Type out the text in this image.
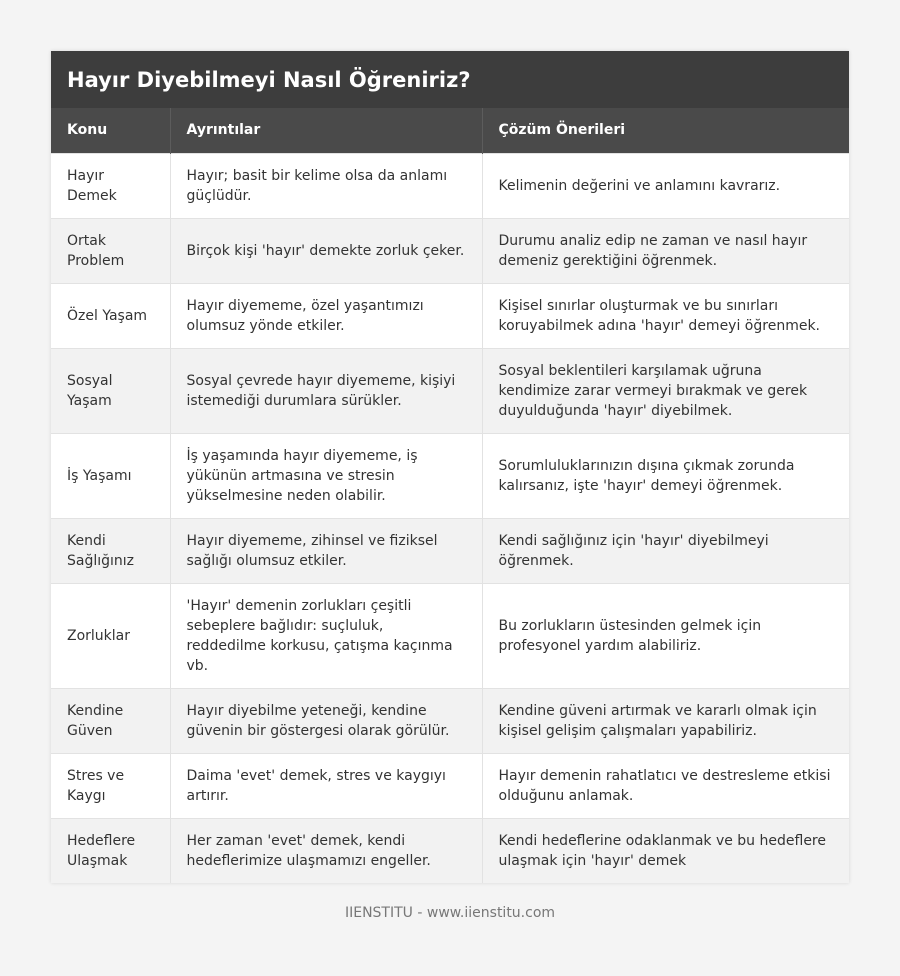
Hayır Diyebilmeyi Nasıl Öğreniriz?
Konu	Ayrıntılar	Çözüm Önerileri
Hayır Demek	Hayır; basit bir kelime olsa da anlamı güçlüdür.	Kelimenin değerini ve anlamını kavrarız.
Ortak Problem	Birçok kişi 'hayır' demekte zorluk çeker.	Durumu analiz edip ne zaman ve nasıl hayır demeniz gerektiğini öğrenmek.
Özel Yaşam	Hayır diyememe, özel yaşantımızı olumsuz yönde etkiler.	Kişisel sınırlar oluşturmak ve bu sınırları koruyabilmek adına 'hayır' demeyi öğrenmek.
Sosyal Yaşam	Sosyal çevrede hayır diyememe, kişiyi istemediği durumlara sürükler.	Sosyal beklentileri karşılamak uğruna kendimize zarar vermeyi bırakmak ve gerek duyulduğunda 'hayır' diyebilmek.
İş Yaşamı	İş yaşamında hayır diyememe, iş yükünün artmasına ve stresin yükselmesine neden olabilir.	Sorumluluklarınızın dışına çıkmak zorunda kalırsanız, işte 'hayır' demeyi öğrenmek.
Kendi Sağlığınız	Hayır diyememe, zihinsel ve fiziksel sağlığı olumsuz etkiler.	Kendi sağlığınız için 'hayır' diyebilmeyi öğrenmek.
Zorluklar	'Hayır' demenin zorlukları çeşitli sebeplere bağlıdır: suçluluk, reddedilme korkusu, çatışma kaçınma vb.	Bu zorlukların üstesinden gelmek için profesyonel yardım alabiliriz.
Kendine Güven	Hayır diyebilme yeteneği, kendine güvenin bir göstergesi olarak görülür.	Kendine güveni artırmak ve kararlı olmak için kişisel gelişim çalışmaları yapabiliriz.
Stres ve Kaygı	Daima 'evet' demek, stres ve kaygıyı artırır.	Hayır demenin rahatlatıcı ve destresleme etkisi olduğunu anlamak.
Hedeflere Ulaşmak	Her zaman 'evet' demek, kendi hedeflerimize ulaşmamızı engeller.	Kendi hedeflerine odaklanmak ve bu hedeflere ulaşmak için 'hayır' demek
IIENSTITU - www.iienstitu.com
